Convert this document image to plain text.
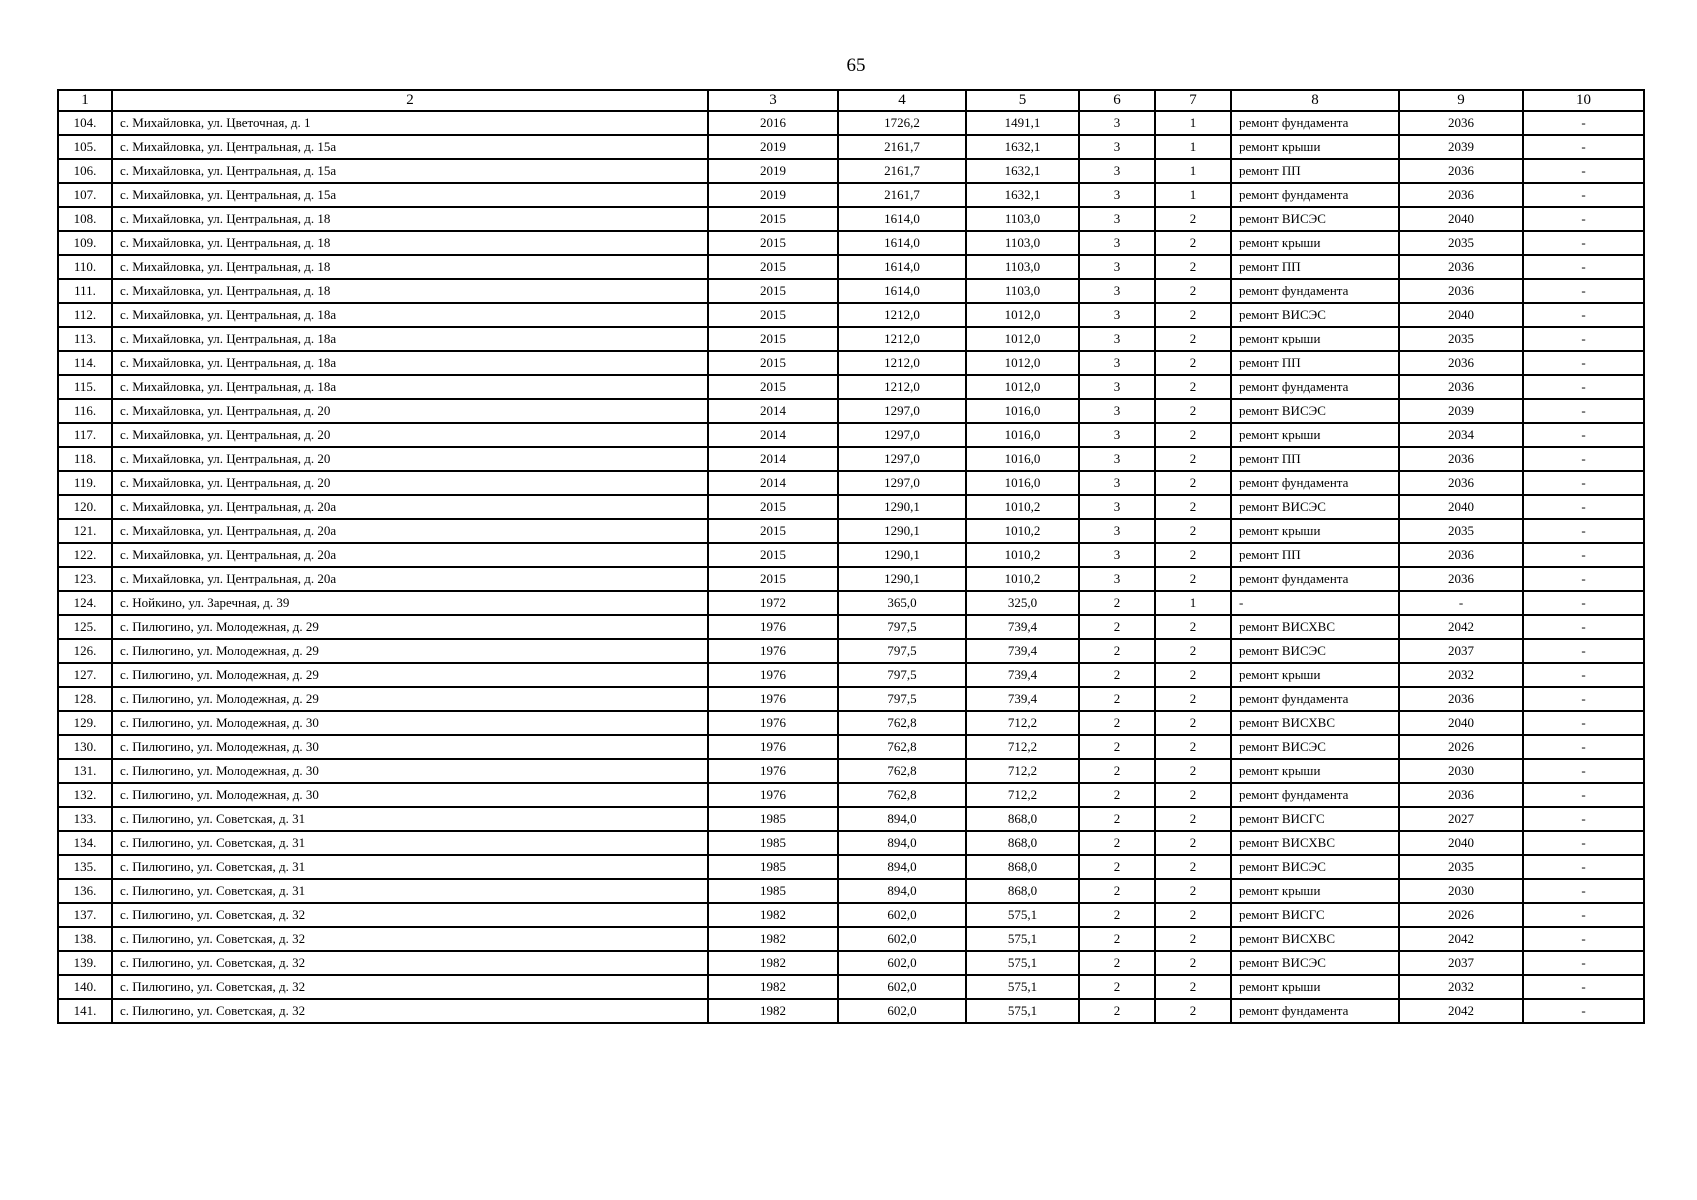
65
1	2	3	4	5	6	7	8	9	10
104.	с. Михайловка, ул. Цветочная, д. 1	2016	1726,2	1491,1	3	1	ремонт фундамента	2036	-
105.	с. Михайловка, ул. Центральная, д. 15а	2019	2161,7	1632,1	3	1	ремонт крыши	2039	-
106.	с. Михайловка, ул. Центральная, д. 15а	2019	2161,7	1632,1	3	1	ремонт ПП	2036	-
107.	с. Михайловка, ул. Центральная, д. 15а	2019	2161,7	1632,1	3	1	ремонт фундамента	2036	-
108.	с. Михайловка, ул. Центральная, д. 18	2015	1614,0	1103,0	3	2	ремонт ВИСЭС	2040	-
109.	с. Михайловка, ул. Центральная, д. 18	2015	1614,0	1103,0	3	2	ремонт крыши	2035	-
110.	с. Михайловка, ул. Центральная, д. 18	2015	1614,0	1103,0	3	2	ремонт ПП	2036	-
111.	с. Михайловка, ул. Центральная, д. 18	2015	1614,0	1103,0	3	2	ремонт фундамента	2036	-
112.	с. Михайловка, ул. Центральная, д. 18а	2015	1212,0	1012,0	3	2	ремонт ВИСЭС	2040	-
113.	с. Михайловка, ул. Центральная, д. 18а	2015	1212,0	1012,0	3	2	ремонт крыши	2035	-
114.	с. Михайловка, ул. Центральная, д. 18а	2015	1212,0	1012,0	3	2	ремонт ПП	2036	-
115.	с. Михайловка, ул. Центральная, д. 18а	2015	1212,0	1012,0	3	2	ремонт фундамента	2036	-
116.	с. Михайловка, ул. Центральная, д. 20	2014	1297,0	1016,0	3	2	ремонт ВИСЭС	2039	-
117.	с. Михайловка, ул. Центральная, д. 20	2014	1297,0	1016,0	3	2	ремонт крыши	2034	-
118.	с. Михайловка, ул. Центральная, д. 20	2014	1297,0	1016,0	3	2	ремонт ПП	2036	-
119.	с. Михайловка, ул. Центральная, д. 20	2014	1297,0	1016,0	3	2	ремонт фундамента	2036	-
120.	с. Михайловка, ул. Центральная, д. 20а	2015	1290,1	1010,2	3	2	ремонт ВИСЭС	2040	-
121.	с. Михайловка, ул. Центральная, д. 20а	2015	1290,1	1010,2	3	2	ремонт крыши	2035	-
122.	с. Михайловка, ул. Центральная, д. 20а	2015	1290,1	1010,2	3	2	ремонт ПП	2036	-
123.	с. Михайловка, ул. Центральная, д. 20а	2015	1290,1	1010,2	3	2	ремонт фундамента	2036	-
124.	с. Нойкино, ул. Заречная, д. 39	1972	365,0	325,0	2	1	-	-	-
125.	с. Пилюгино, ул. Молодежная, д. 29	1976	797,5	739,4	2	2	ремонт ВИСХВС	2042	-
126.	с. Пилюгино, ул. Молодежная, д. 29	1976	797,5	739,4	2	2	ремонт ВИСЭС	2037	-
127.	с. Пилюгино, ул. Молодежная, д. 29	1976	797,5	739,4	2	2	ремонт крыши	2032	-
128.	с. Пилюгино, ул. Молодежная, д. 29	1976	797,5	739,4	2	2	ремонт фундамента	2036	-
129.	с. Пилюгино, ул. Молодежная, д. 30	1976	762,8	712,2	2	2	ремонт ВИСХВС	2040	-
130.	с. Пилюгино, ул. Молодежная, д. 30	1976	762,8	712,2	2	2	ремонт ВИСЭС	2026	-
131.	с. Пилюгино, ул. Молодежная, д. 30	1976	762,8	712,2	2	2	ремонт крыши	2030	-
132.	с. Пилюгино, ул. Молодежная, д. 30	1976	762,8	712,2	2	2	ремонт фундамента	2036	-
133.	с. Пилюгино, ул. Советская, д. 31	1985	894,0	868,0	2	2	ремонт ВИСГС	2027	-
134.	с. Пилюгино, ул. Советская, д. 31	1985	894,0	868,0	2	2	ремонт ВИСХВС	2040	-
135.	с. Пилюгино, ул. Советская, д. 31	1985	894,0	868,0	2	2	ремонт ВИСЭС	2035	-
136.	с. Пилюгино, ул. Советская, д. 31	1985	894,0	868,0	2	2	ремонт крыши	2030	-
137.	с. Пилюгино, ул. Советская, д. 32	1982	602,0	575,1	2	2	ремонт ВИСГС	2026	-
138.	с. Пилюгино, ул. Советская, д. 32	1982	602,0	575,1	2	2	ремонт ВИСХВС	2042	-
139.	с. Пилюгино, ул. Советская, д. 32	1982	602,0	575,1	2	2	ремонт ВИСЭС	2037	-
140.	с. Пилюгино, ул. Советская, д. 32	1982	602,0	575,1	2	2	ремонт крыши	2032	-
141.	с. Пилюгино, ул. Советская, д. 32	1982	602,0	575,1	2	2	ремонт фундамента	2042	-
